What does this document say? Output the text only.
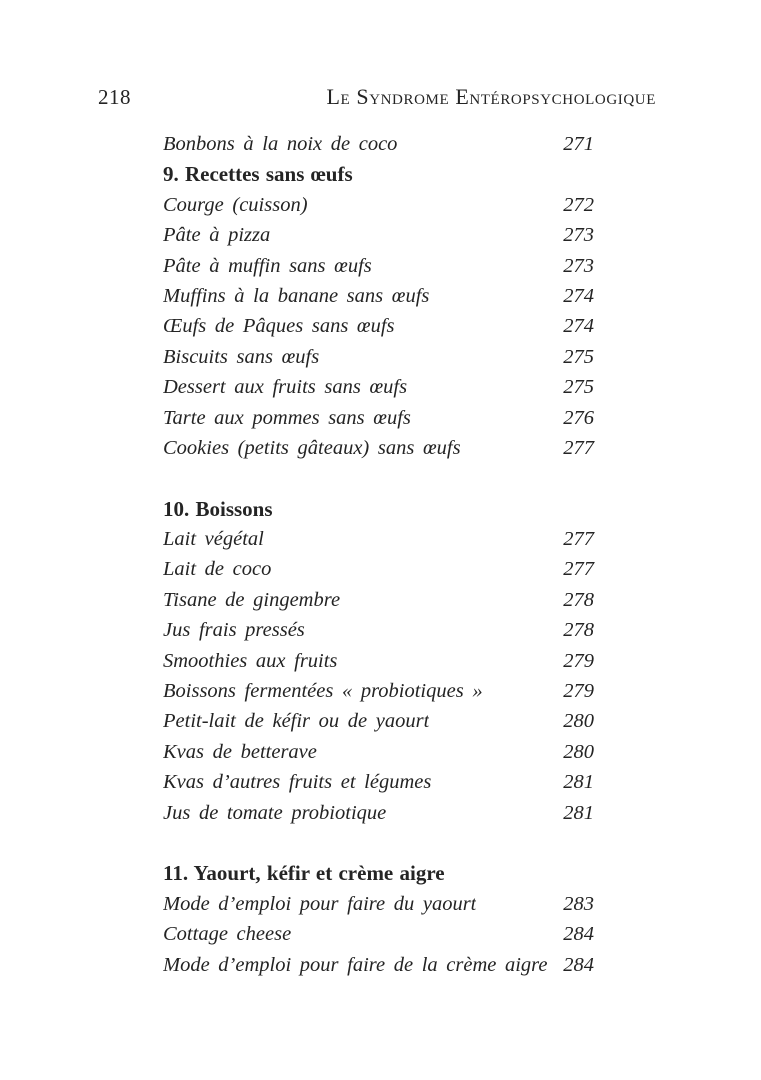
218	Le Syndrome Entéropsychologique
Bonbons à la noix de coco	271
9. Recettes sans œufs
Courge (cuisson)	272
Pâte à pizza	273
Pâte à muffin sans œufs	273
Muffins à la banane sans œufs	274
Œufs de Pâques sans œufs	274
Biscuits sans œufs	275
Dessert aux fruits sans œufs	275
Tarte aux pommes sans œufs	276
Cookies (petits gâteaux) sans œufs	277
10. Boissons
Lait végétal	277
Lait de coco	277
Tisane de gingembre	278
Jus frais pressés	278
Smoothies aux fruits	279
Boissons fermentées « probiotiques »	279
Petit-lait de kéfir ou de yaourt	280
Kvas de betterave	280
Kvas d’autres fruits et légumes	281
Jus de tomate probiotique	281
11. Yaourt, kéfir et crème aigre
Mode d’emploi pour faire du yaourt	283
Cottage cheese	284
Mode d’emploi pour faire de la crème aigre 284
